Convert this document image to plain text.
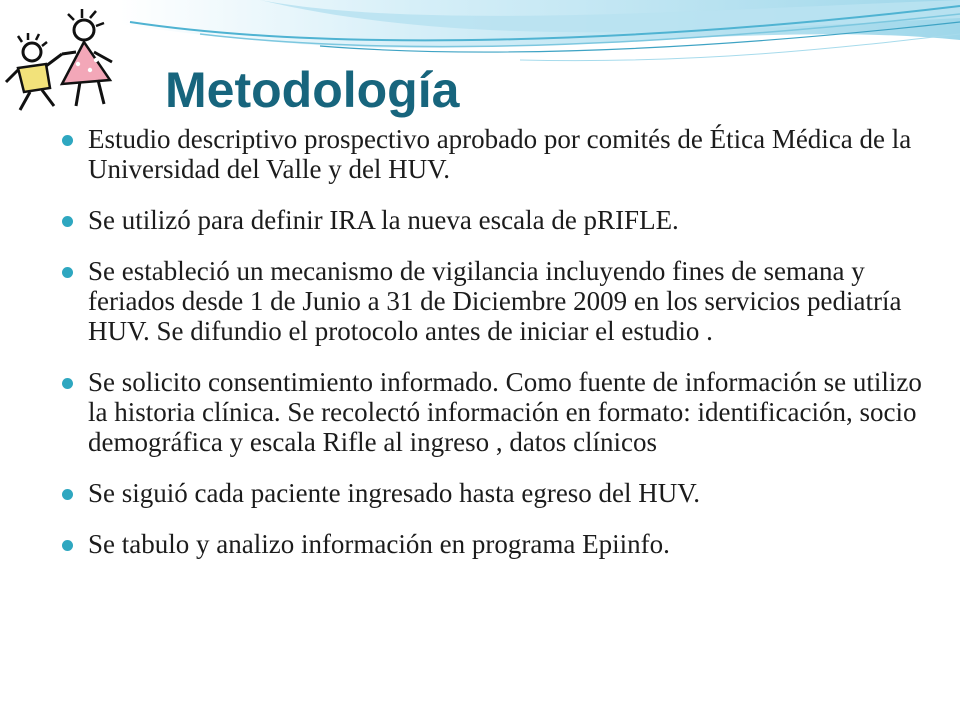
Metodología
Estudio descriptivo prospectivo aprobado por comités de Ética Médica de la Universidad del Valle y del HUV.
Se utilizó para definir IRA la nueva escala de pRIFLE.
Se estableció un mecanismo de vigilancia incluyendo fines de semana y feriados desde 1 de Junio a 31 de Diciembre 2009 en los servicios pediatría HUV. Se difundio el protocolo antes de iniciar el estudio .
Se solicito consentimiento informado. Como fuente de información se utilizo la historia clínica. Se recolectó información en formato: identificación, socio demográfica y escala Rifle al ingreso , datos clínicos
Se siguió cada paciente ingresado hasta egreso del HUV.
Se tabulo y analizo información en programa Epiinfo.
